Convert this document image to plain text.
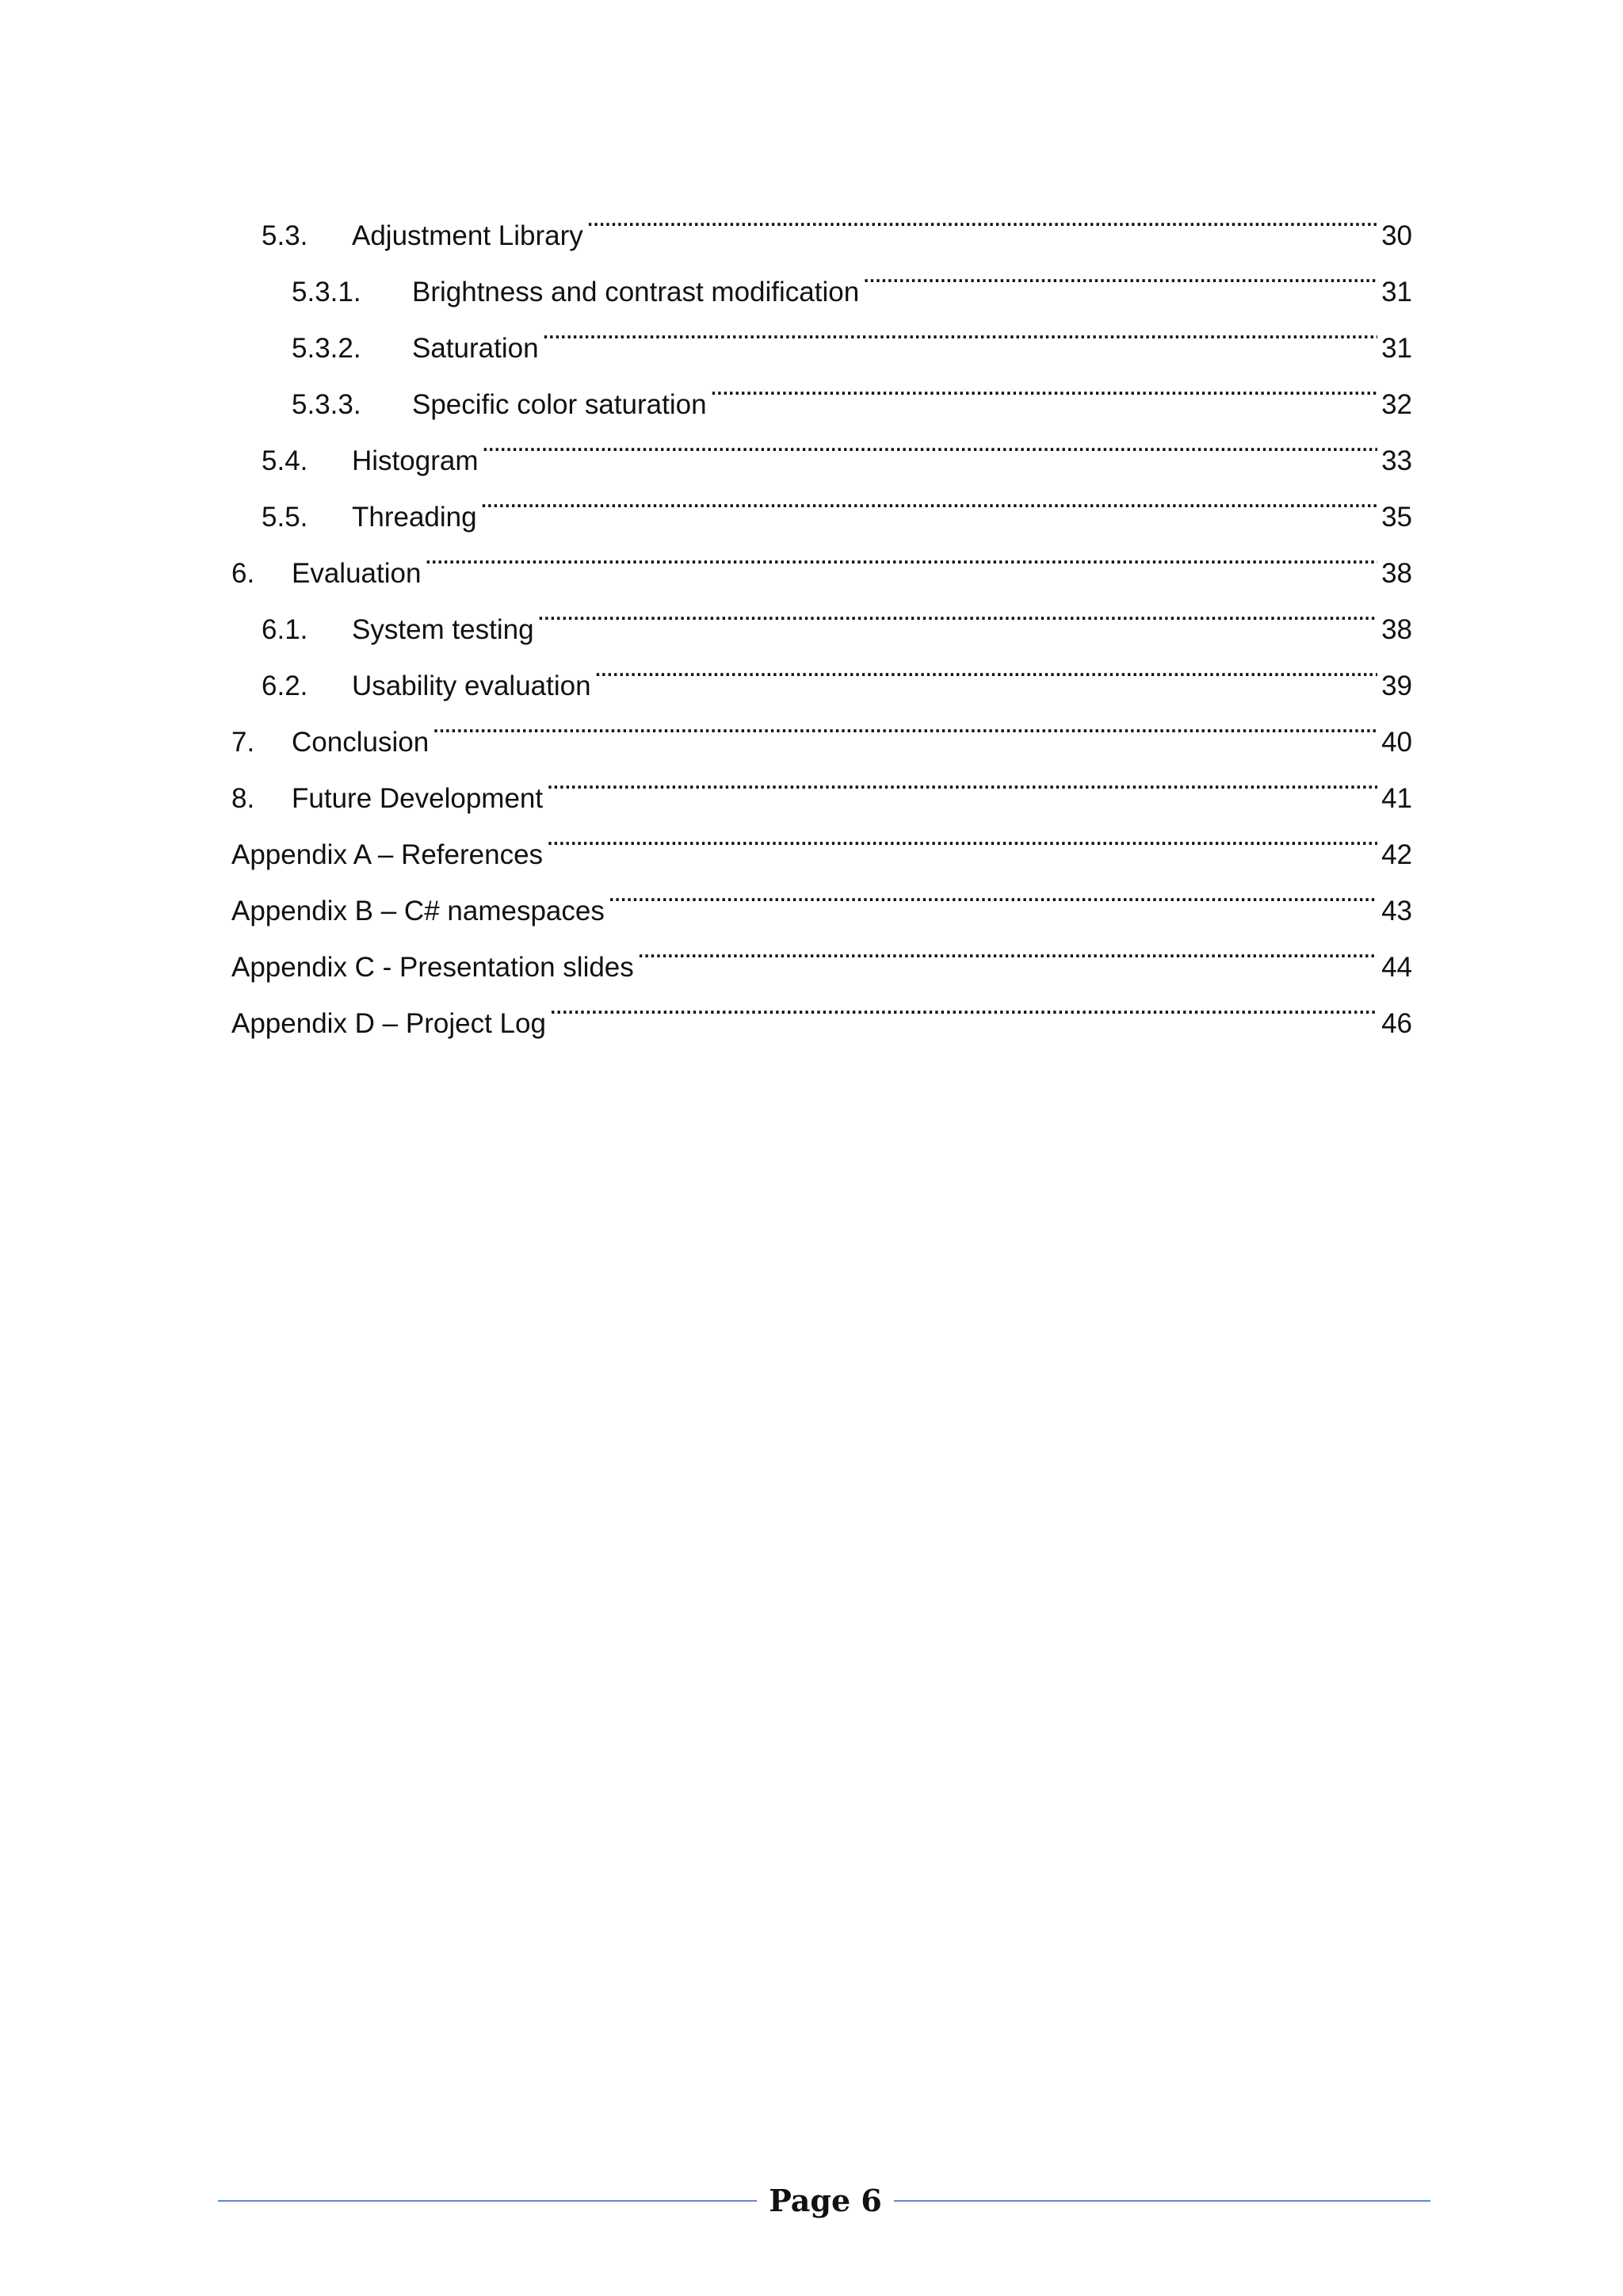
5.3.	Adjustment Library . . .	30
5.3.1.	Brightness and contrast modification . . .	31
5.3.2.	Saturation . . .	31
5.3.3.	Specific color saturation . . .	32
5.4.	Histogram . . .	33
5.5.	Threading . . .	35
6.	Evaluation . . .	38
6.1.	System testing . . .	38
6.2.	Usability evaluation . . .	39
7.	Conclusion . . .	40
8.	Future Development . . .	41
Appendix A – References . . .	42
Appendix B – C# namespaces . . .	43
Appendix C - Presentation slides . . .	44
Appendix D – Project Log . . .	46
Page 6
